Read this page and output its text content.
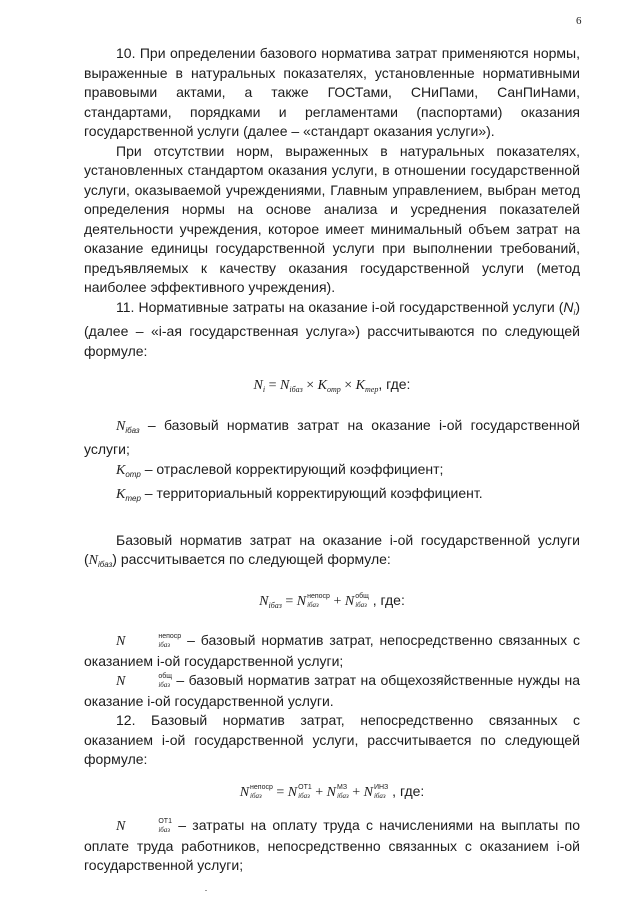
6

10. При определении базового норматива затрат применяются нормы, выраженные в натуральных показателях, установленные нормативными правовыми актами, а также ГОСТами, СНиПами, СанПиНами, стандартами, порядками и регламентами (паспортами) оказания государственной услуги (далее – «стандарт оказания услуги»).

При отсутствии норм, выраженных в натуральных показателях, установленных стандартом оказания услуги, в отношении государственной услуги, оказываемой учреждениями, Главным управлением, выбран метод определения нормы на основе анализа и усреднения показателей деятельности учреждения, которое имеет минимальный объем затрат на оказание единицы государственной услуги при выполнении требований, предъявляемых к качеству оказания государственной услуги (метод наиболее эффективного учреждения).

11. Нормативные затраты на оказание i-ой государственной услуги $(N_i)$ (далее – «i-ая государственная услуга») рассчитываются по следующей формуле:

$N_i = N_{iбаз} \times K_{отр} \times K_{тер}$, где:

$N_{iбаз}$ – базовый норматив затрат на оказание i-ой государственной услуги;

$K_{отр}$ – отраслевой корректирующий коэффициент;

$K_{тер}$ – территориальный корректирующий коэффициент.

Базовый норматив затрат на оказание i-ой государственной услуги $(N_{iбаз})$ рассчитывается по следующей формуле:

$N_{iбаз} = N$ непоср
iбаз + N общ
iбаз , где:

N	непоср
iбаз – базовый норматив затрат, непосредственно связанных с оказанием i-ой государственной услуги;

N	общ
iбаз – базовый норматив затрат на общехозяйственные нужды на оказание i-ой государственной услуги.

12. Базовый норматив затрат, непосредственно связанных с оказанием i-ой государственной услуги, рассчитывается по следующей формуле:

N непоср
iбаз = N ОТ1
iбаз + N МЗ
iбаз + N ИНЗ
iбаз , где:

N	ОТ1
iбаз – затраты на оплату труда с начислениями на выплаты по оплате труда работников, непосредственно связанных с оказанием i-ой государственной услуги;
